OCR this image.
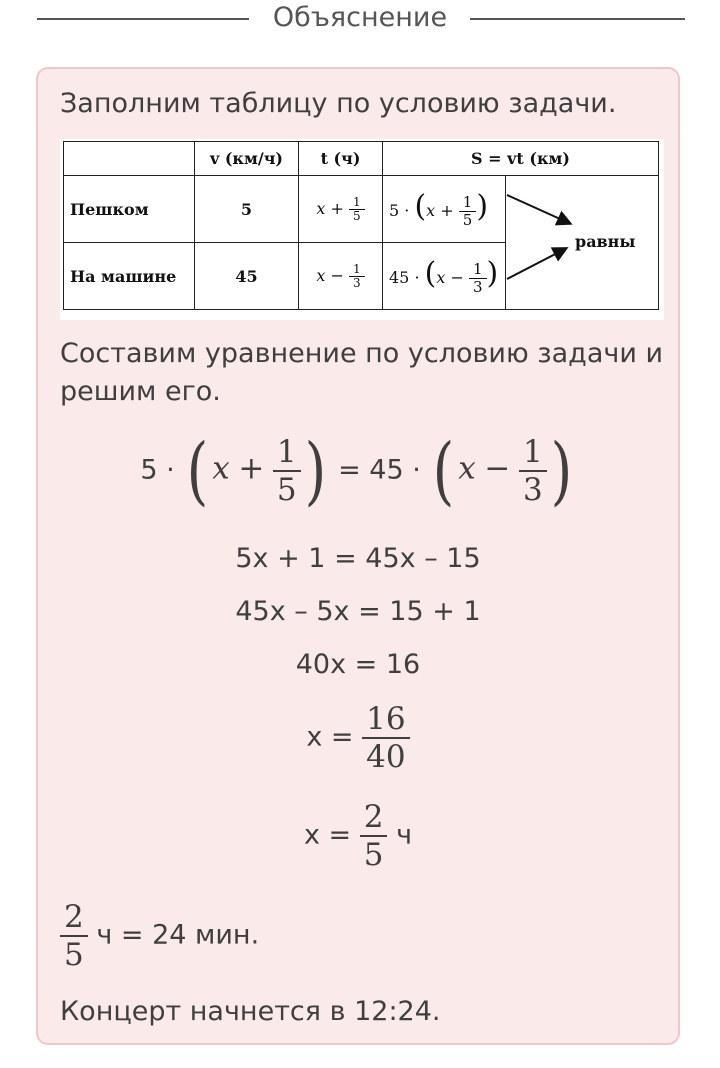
Объяснение
Заполним таблицу по условию задачи.
	v (км/ч)	t (ч)	S = vt (км)	
Пешком	5	$x + \frac{1}{5}$	$5 \cdot (x + \frac{1}{5}$ )	
На машине	45	$x - \frac{1}{3}$	$45 \cdot (x - \frac{1}{3}$ )	
равны
Составим уравнение по условию задачи и решим его.
5 · ( $x + \frac{1}{5}$ ) = 45 · ( $x - \frac{1}{3}$ )
5x + 1 = 45x – 15
45x – 5x = 15 + 1
40x = 16
$x = \frac{16}{40}$
$x = \frac{2}{5}$ ч
$\frac{2}{5}$ ч = 24 мин.
Концерт начнется в 12:24.
